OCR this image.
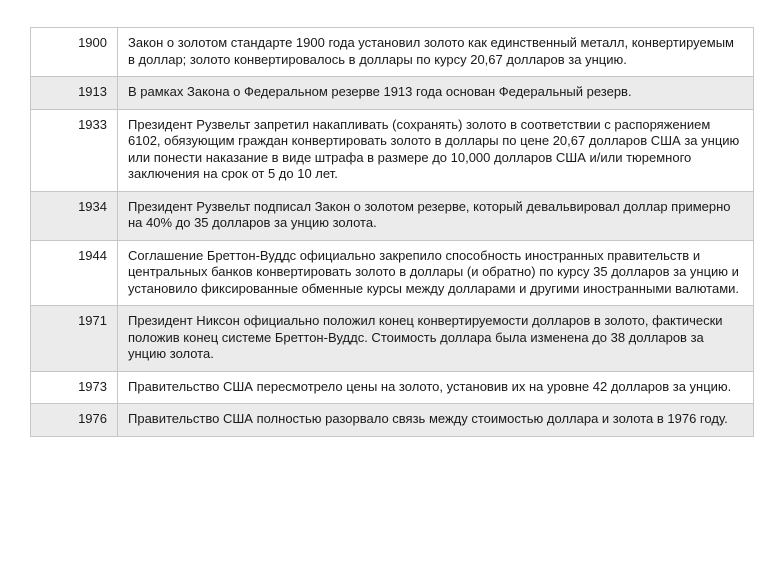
1900	Закон о золотом стандарте 1900 года установил золото как единственный металл, конвертируемым в доллар; золото конвертировалось в доллары по курсу 20,67 долларов за унцию.
1913	В рамках Закона о Федеральном резерве 1913 года основан Федеральный резерв.
1933	Президент Рузвельт запретил накапливать (сохранять) золото в соответствии с распоряжением 6102, обязующим граждан конвертировать золото в доллары по цене 20,67 долларов США за унцию или понести наказание в виде штрафа в размере до 10,000 долларов США и/или тюремного заключения на срок от 5 до 10 лет.
1934	Президент Рузвельт подписал Закон о золотом резерве, который девальвировал доллар примерно на 40% до 35 долларов за унцию золота.
1944	Соглашение Бреттон-Вуддс официально закрепило способность иностранных правительств и центральных банков конвертировать золото в доллары (и обратно) по курсу 35 долларов за унцию и установило фиксированные обменные курсы между долларами и другими иностранными валютами.
1971	Президент Никсон официально положил конец конвертируемости долларов в золото, фактически положив конец системе Бреттон-Вуддс. Стоимость доллара была изменена до 38 долларов за унцию золота.
1973	Правительство США пересмотрело цены на золото, установив их на уровне 42 долларов за унцию.
1976	Правительство США полностью разорвало связь между стоимостью доллара и золота в 1976 году.
